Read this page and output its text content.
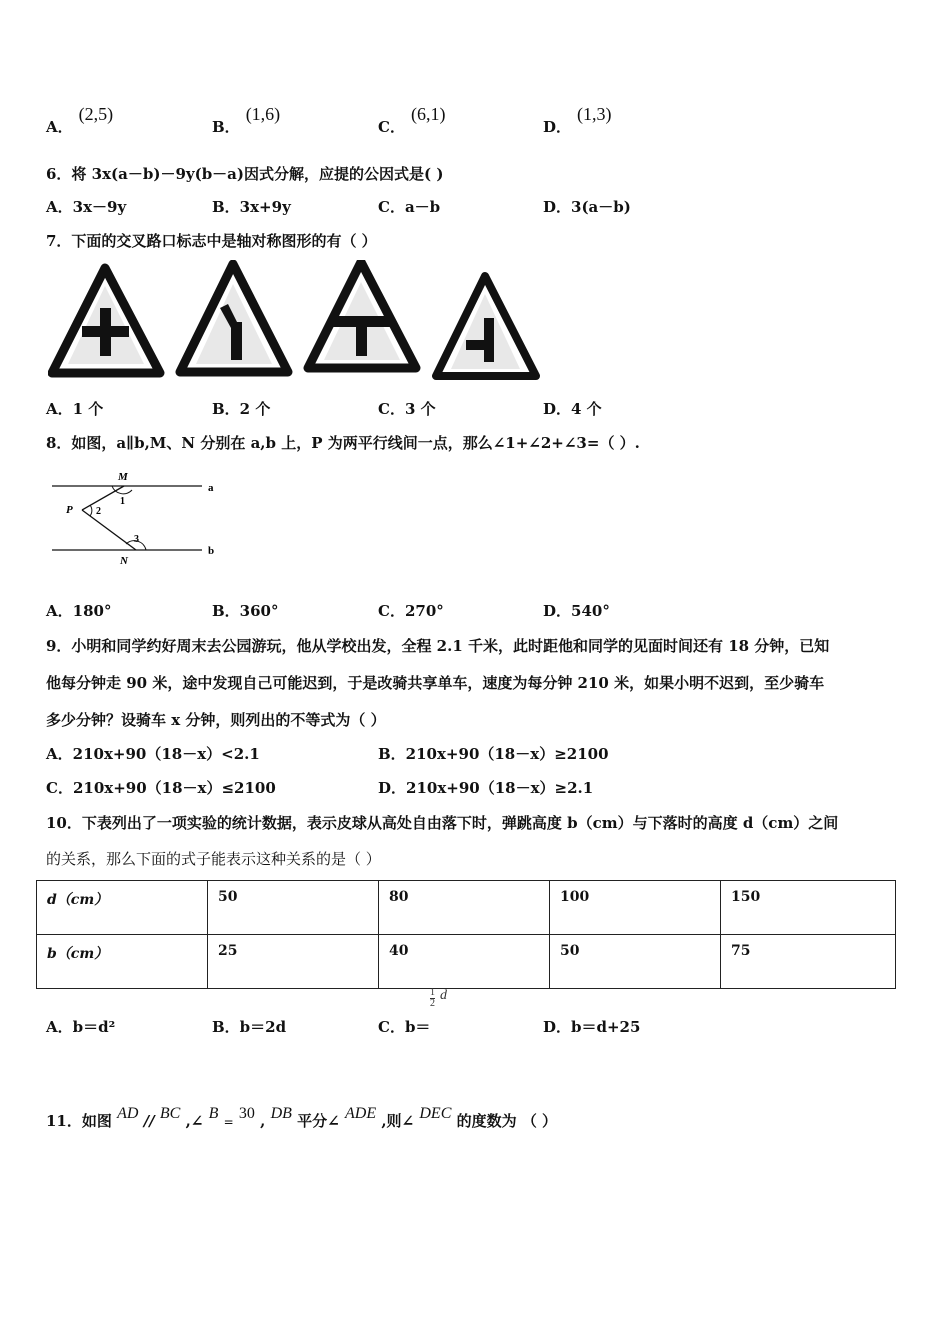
A．(2,5)
B．(1,6)
C．(6,1)
D．(1,3)
6．将 3x(a－b)－9y(b－a)因式分解，应提的公因式是( )
A．3x－9y	B．3x+9y	C．a－b	D．3(a－b)
7．下面的交叉路口标志中是轴对称图形的有（ ）
A．1 个	B．2 个	C．3 个	D．4 个
8．如图，a∥b,M、N 分别在 a,b 上，P 为两平行线间一点，那么∠1+∠2+∠3=（ ）.
M
N
P
a
b
1
2
3
A．180°	B．360°	C．270°	D．540°
9．小明和同学约好周末去公园游玩，他从学校出发，全程 2.1 千米，此时距他和同学的见面时间还有 18 分钟，已知
他每分钟走 90 米，途中发现自己可能迟到，于是改骑共享单车，速度为每分钟 210 米，如果小明不迟到，至少骑车
多少分钟？设骑车 x 分钟，则列出的不等式为（ ）
A．210x+90（18－x）<2.1	B．210x+90（18－x）≥2100
C．210x+90（18－x）≤2100	D．210x+90（18－x）≥2.1
10．下表列出了一项实验的统计数据，表示皮球从高处自由落下时，弹跳高度 b（cm）与下落时的高度 d（cm）之间
的关系，那么下面的式子能表示这种关系的是（ ）
d（cm）	50	80	100	150
b（cm）	25	40	50	75
A．b＝d²	B．b＝2d	C．b＝
$\frac{1}{2}$ d
D．b＝d+25
11．如图 AD // BC ,∠ B = 30 , DB 平分∠ ADE ,则∠ DEC 的度数为 （ ）
